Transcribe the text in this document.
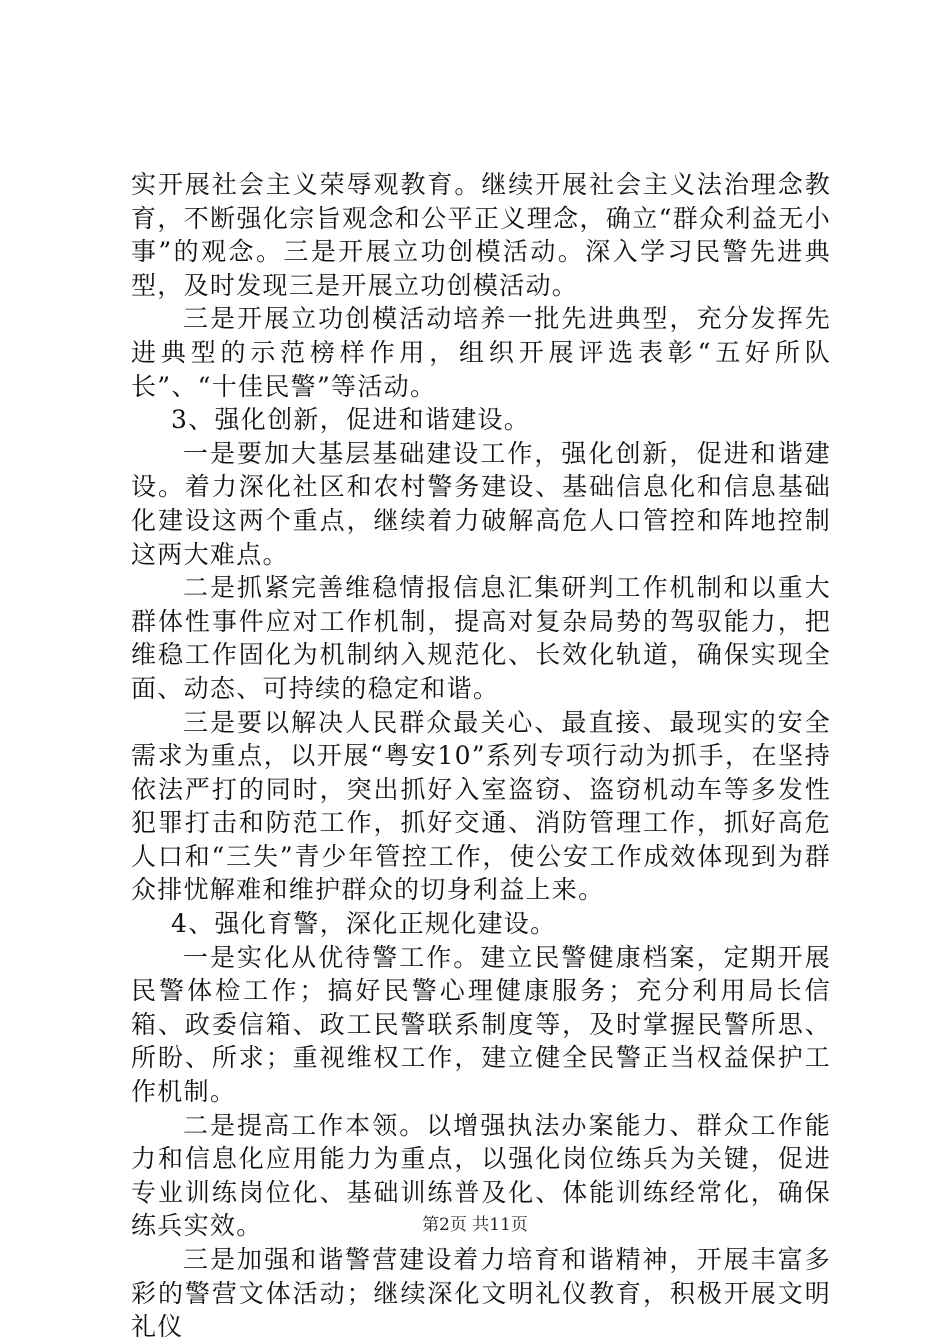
实开展社会主义荣辱观教育。继续开展社会主义法治理念教育，不断强化宗旨观念和公平正义理念，确立“群众利益无小事”的观念。三是开展立功创模活动。深入学习民警先进典型，及时发现三是开展立功创模活动。

三是开展立功创模活动培养一批先进典型，充分发挥先进典型的示范榜样作用，组织开展评选表彰“五好所队长”、“十佳民警”等活动。

3、强化创新，促进和谐建设。

一是要加大基层基础建设工作，强化创新，促进和谐建设。着力深化社区和农村警务建设、基础信息化和信息基础化建设这两个重点，继续着力破解高危人口管控和阵地控制这两大难点。

二是抓紧完善维稳情报信息汇集研判工作机制和以重大群体性事件应对工作机制，提高对复杂局势的驾驭能力，把维稳工作固化为机制纳入规范化、长效化轨道，确保实现全面、动态、可持续的稳定和谐。

三是要以解决人民群众最关心、最直接、最现实的安全需求为重点，以开展“粤安10”系列专项行动为抓手，在坚持依法严打的同时，突出抓好入室盗窃、盗窃机动车等多发性犯罪打击和防范工作，抓好交通、消防管理工作，抓好高危人口和“三失”青少年管控工作，使公安工作成效体现到为群众排忧解难和维护群众的切身利益上来。

4、强化育警，深化正规化建设。

一是实化从优待警工作。建立民警健康档案，定期开展民警体检工作；搞好民警心理健康服务；充分利用局长信箱、政委信箱、政工民警联系制度等，及时掌握民警所思、所盼、所求；重视维权工作，建立健全民警正当权益保护工作机制。

二是提高工作本领。以增强执法办案能力、群众工作能力和信息化应用能力为重点，以强化岗位练兵为关键，促进专业训练岗位化、基础训练普及化、体能训练经常化，确保练兵实效。

三是加强和谐警营建设着力培育和谐精神，开展丰富多彩的警营文体活动；继续深化文明礼仪教育，积极开展文明礼仪

第2页 共11页
